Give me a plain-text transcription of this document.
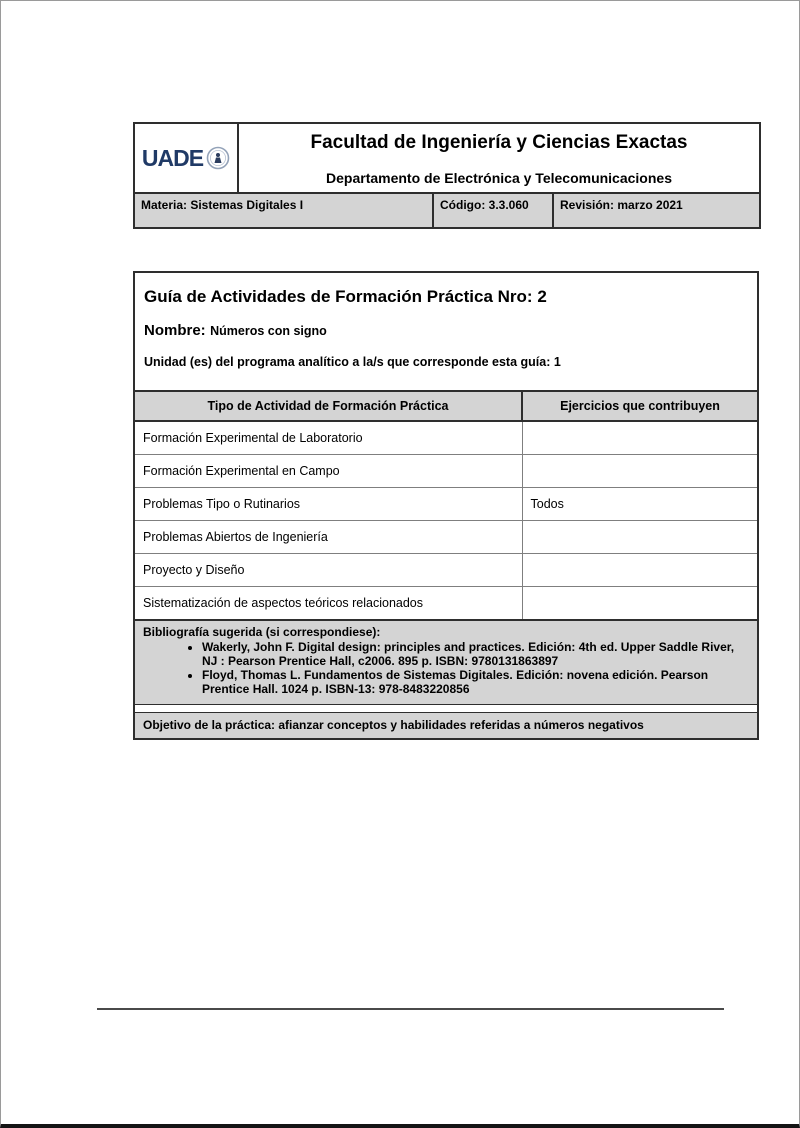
UADE
Facultad de Ingeniería y Ciencias Exactas
Departamento de Electrónica y Telecomunicaciones
Materia: Sistemas Digitales I	Código: 3.3.060	Revisión: marzo 2021
Guía de Actividades de Formación Práctica Nro: 2
Nombre: Números con signo
Unidad (es) del programa analítico a la/s que corresponde esta guía: 1
Tipo de Actividad de Formación Práctica	Ejercicios que contribuyen
Formación Experimental de Laboratorio	
Formación Experimental en Campo	
Problemas Tipo o Rutinarios	Todos
Problemas Abiertos de Ingeniería	
Proyecto y Diseño	
Sistematización de aspectos teóricos relacionados	
Bibliografía sugerida (si correspondiese):
• Wakerly, John F. Digital design: principles and practices. Edición: 4th ed. Upper Saddle River, NJ : Pearson Prentice Hall, c2006. 895 p. ISBN: 9780131863897
• Floyd, Thomas L. Fundamentos de Sistemas Digitales. Edición: novena edición. Pearson Prentice Hall. 1024 p. ISBN-13: 978-8483220856
Objetivo de la práctica: afianzar conceptos y habilidades referidas a números negativos
